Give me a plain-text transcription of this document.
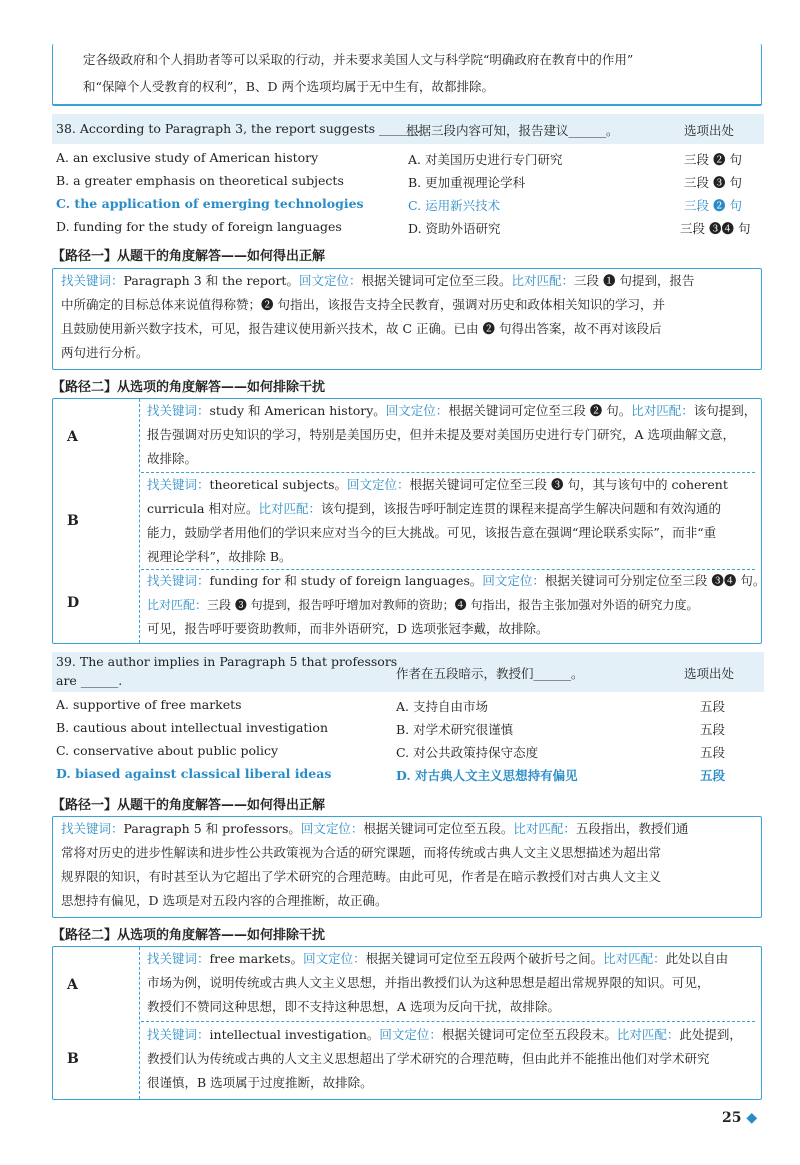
定各级政府和个人捐助者等可以采取的行动，并未要求美国人文与科学院“明确政府在教育中的作用”
和“保障个人受教育的权利”，B、D 两个选项均属于无中生有，故都排除。
38. According to Paragraph 3, the report suggests ______.
根据三段内容可知，报告建议______。	选项出处
A. an exclusive study of American history	A. 对美国历史进行专门研究	三段 ❷ 句
B. a greater emphasis on theoretical subjects	B. 更加重视理论学科	三段 ❸ 句
C. the application of emerging technologies	C. 运用新兴技术	三段 ❷ 句
D. funding for the study of foreign languages	D. 资助外语研究	三段 ❸❹ 句
【路径一】从题干的角度解答——如何得出正解
找关键词：Paragraph 3 和 the report。回文定位：根据关键词可定位至三段。比对匹配：三段 ❶ 句提到，报告
中所确定的目标总体来说值得称赞；❷ 句指出，该报告支持全民教育，强调对历史和政体相关知识的学习，并
且鼓励使用新兴数字技术，可见，报告建议使用新兴技术，故 C 正确。已由 ❷ 句得出答案，故不再对该段后
两句进行分析。
【路径二】从选项的角度解答——如何排除干扰
A
找关键词：study 和 American history。回文定位：根据关键词可定位至三段 ❷ 句。比对匹配：该句提到，
报告强调对历史知识的学习，特别是美国历史，但并未提及要对美国历史进行专门研究，A 选项曲解文意，
故排除。
B
找关键词：theoretical subjects。回文定位：根据关键词可定位至三段 ❸ 句，其与该句中的 coherent
curricula 相对应。比对匹配：该句提到，该报告呼吁制定连贯的课程来提高学生解决问题和有效沟通的
能力，鼓励学者用他们的学识来应对当今的巨大挑战。可见，该报告意在强调“理论联系实际”，而非“重
视理论学科”，故排除 B。
D
找关键词：funding for 和 study of foreign languages。回文定位：根据关键词可分别定位至三段 ❸❹ 句。
比对匹配：三段 ❸ 句提到，报告呼吁增加对教师的资助；❹ 句指出，报告主张加强对外语的研究力度。
可见，报告呼吁要资助教师，而非外语研究，D 选项张冠李戴，故排除。
39. The author implies in Paragraph 5 that professors
are ______.	作者在五段暗示，教授们______。	选项出处
A. supportive of free markets	A. 支持自由市场	五段
B. cautious about intellectual investigation	B. 对学术研究很谨慎	五段
C. conservative about public policy	C. 对公共政策持保守态度	五段
D. biased against classical liberal ideas	D. 对古典人文主义思想持有偏见	五段
【路径一】从题干的角度解答——如何得出正解
找关键词：Paragraph 5 和 professors。回文定位：根据关键词可定位至五段。比对匹配：五段指出，教授们通
常将对历史的进步性解读和进步性公共政策视为合适的研究课题，而将传统或古典人文主义思想描述为超出常
规界限的知识，有时甚至认为它超出了学术研究的合理范畴。由此可见，作者是在暗示教授们对古典人文主义
思想持有偏见，D 选项是对五段内容的合理推断，故正确。
【路径二】从选项的角度解答——如何排除干扰
A
找关键词：free markets。回文定位：根据关键词可定位至五段两个破折号之间。比对匹配：此处以自由
市场为例，说明传统或古典人文主义思想，并指出教授们认为这种思想是超出常规界限的知识。可见，
教授们不赞同这种思想，即不支持这种思想，A 选项为反向干扰，故排除。
B
找关键词：intellectual investigation。回文定位：根据关键词可定位至五段段末。比对匹配：此处提到，
教授们认为传统或古典的人文主义思想超出了学术研究的合理范畴，但由此并不能推出他们对学术研究
很谨慎，B 选项属于过度推断，故排除。
25 ◆
